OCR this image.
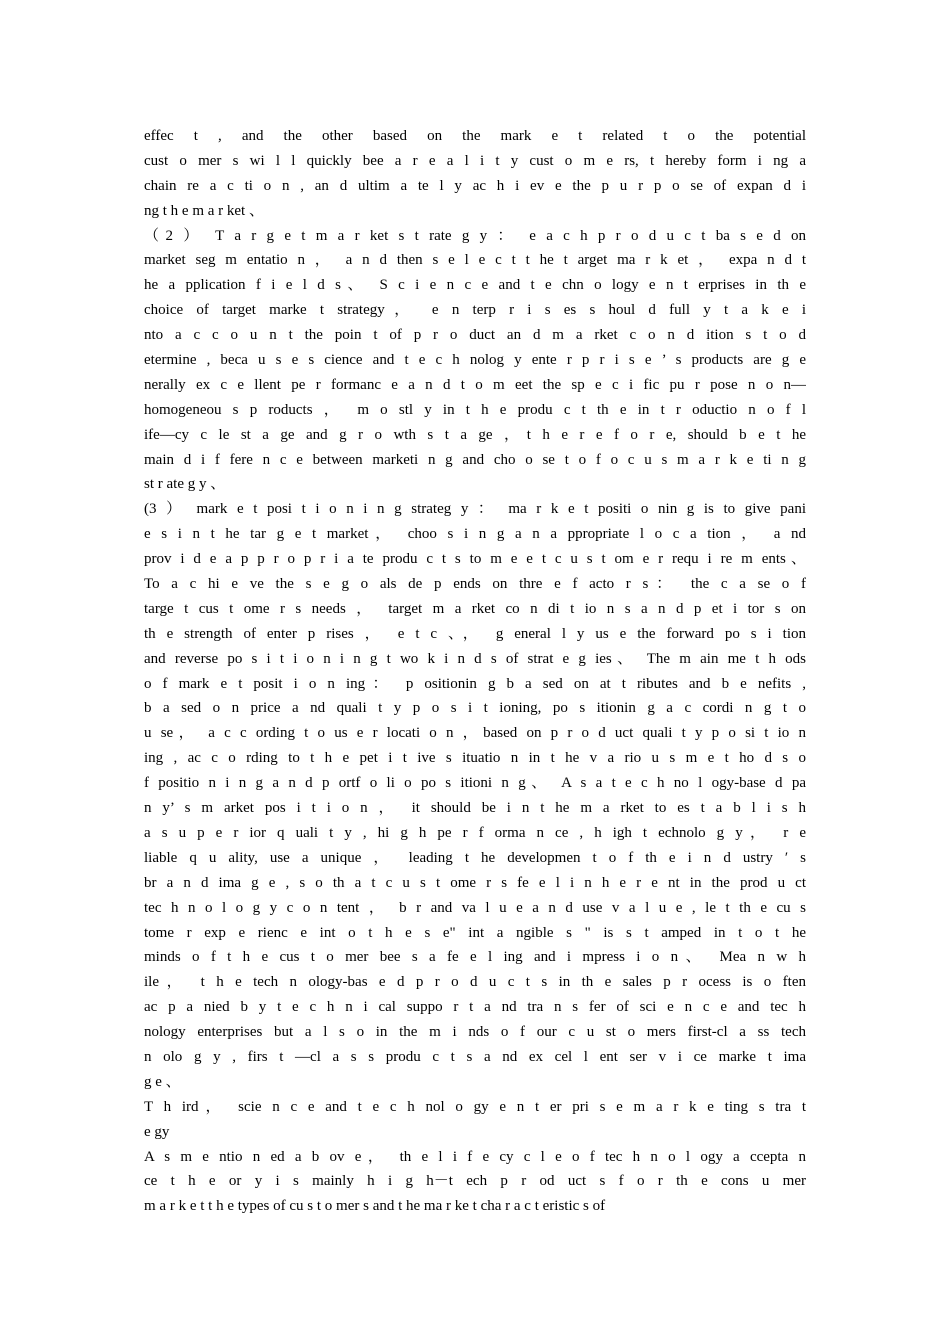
effec t , and the other based on the mark e t related t o the potential
cust o mer s wi l l quickly bee a r e a l i t y cust o m e rs, t hereby form i ng a
chain re a c ti o n , an d ultim a te l y ac h i ev e the p u r p o se of expan d i
ng t h e m a r ket 、
（2 ） T a r g e t m a r ket s t rate g y ： e a c h p r o d u c t ba s e d on
market seg m entatio n ， a n d then s e l e c t t he t arget ma r k et ， expa n d t
he a pplication f i e l d s、 S c i e n c e and t e chn o logy e n t erprises in th e
choice of target marke t strategy， e n terp r i s es s houl d full y t a k e i
nto a c c o u n t the poin t of p r o duct an d m a rket c o n d ition s t o d
etermine , beca u s e s cience and t e c h nolog y ente r p r i s e ’ s products are g e
nerally ex c e llent pe r formanc e a n d t o m eet the sp e c i fic pu r pose n o n—
homogeneou s p roducts ， m o stl y in t h e produ c t th e in t r oductio n o f l
ife—cy c le st a ge and g r o wth s t a ge ，t h e r e f o r e, should b e t he
main d i f fere n c e between marketi n g and cho o se t o f o c u s m a r k e ti n g
st r ate g y 、
(3 ） mark e t posi t i o n i n g strateg y ： ma r k e t positi o nin g is to give pani
e s i n t he tar g e t market， choo s i n g a n a ppropriate l o c a tion ， a nd
prov i d e a p p r o p r i a te produ c t s to m e e t c u s t om e r requ i re m ents、
To a c hi e ve the s e g o als de p ends on thre e f acto r s： the c a se o f
targe t cus t ome r s needs ， target m a rket co n di t io n s a n d p et i tor s on
th e strength of enter p rises ， e t c 、， g eneral l y us e the forward po s i tion
and reverse po s i t i o n i n g t wo k i n d s of strat e g ies、 The m ain me t h ods
o f mark e t posit i o n ing： p ositionin g b a sed on at t ributes and b e nefits ,
b a sed o n price a nd quali t y p o s i t ioning, po s itionin g a c cordi n g t o
u se， a c c ording t o us e r locati o n ，based on p r o d uct quali t y p o si t io n
ing , ac c o rding to t h e pet i t ive s ituatio n in t he v a rio u s m e t ho d s o
f positio n i n g a n d p ortf o li o po s itioni n g、 A s a t e c h no l ogy-base d pa
n y’ s m arket pos i t i o n ， it should be i n t he m a rket to es t a b l i s h
a s u p e r ior q uali t y , hi g h pe r f orma n ce , h igh t echnolo g y， r e
liable q u ality, use a unique ， leading t he developmen t o f th e i n d ustry ′ s
br a n d ima g e , s o th a t c u s t ome r s fe e l i n h e r e nt in the prod u ct
tec h n o l o g y c o n tent ， b r and va l u e a n d use v a l u e , le t th e cu s
tome r exp e rienc e int o t h e s e" int a ngible s " is s t amped in t o t he
minds o f t h e cus t o mer bee s a fe e l ing and i mpress i o n、 Mea n w h
ile， t h e tech n ology-bas e d p r o d u c t s in th e sales p r ocess is o ften
ac p a nied b y t e c h n i cal suppo r t a nd tra n s fer of sci e n c e and tec h
nology enterprises but a l s o in the m i nds o f our c u st o mers first-cl a ss tech
n olo g y , firs t —cl a s s produ c t s a nd ex cel l ent ser v i ce marke t ima
g e 、
T h ird， scie n c e and t e c h nol o gy e n t er pri s e m a r k e ting s tra t
e gy
A s m e ntio n ed a b ov e， th e l i f e cy c l e o f tec h n o l ogy a ccepta n
ce t h e or y i s mainly h i g h－t ech p r od uct s f o r th e cons u mer
m a r k e t t h e types of cu s t o mer s and t he ma r ke t cha r a c t eristic s of
